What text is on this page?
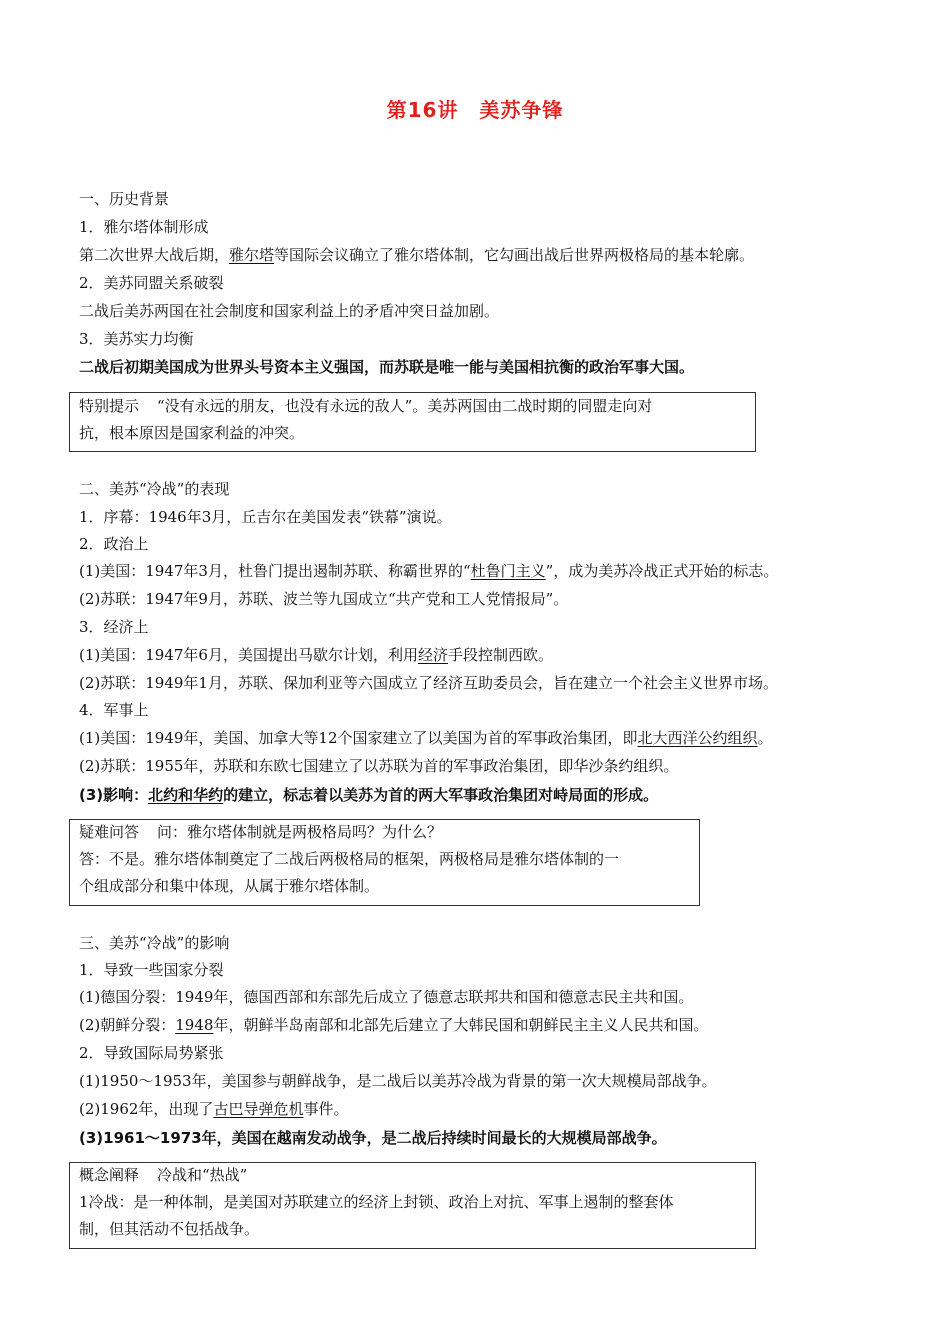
第16讲　美苏争锋
一、历史背景
1．雅尔塔体制形成
第二次世界大战后期，雅尔塔等国际会议确立了雅尔塔体制，它勾画出战后世界两极格局的基本轮廓。
2．美苏同盟关系破裂
二战后美苏两国在社会制度和国家利益上的矛盾冲突日益加剧。
3．美苏实力均衡
二战后初期美国成为世界头号资本主义强国，而苏联是唯一能与美国相抗衡的政治军事大国。
特别提示 “没有永远的朋友，也没有永远的敌人”。美苏两国由二战时期的同盟走向对
抗，根本原因是国家利益的冲突。
二、美苏“冷战”的表现
1．序幕：1946年3月，丘吉尔在美国发表“铁幕”演说。
2．政治上
(1)美国：1947年3月，杜鲁门提出遏制苏联、称霸世界的“杜鲁门主义”，成为美苏冷战正式开始的标志。
(2)苏联：1947年9月，苏联、波兰等九国成立“共产党和工人党情报局”。
3．经济上
(1)美国：1947年6月，美国提出马歇尔计划，利用经济手段控制西欧。
(2)苏联：1949年1月，苏联、保加利亚等六国成立了经济互助委员会，旨在建立一个社会主义世界市场。
4．军事上
(1)美国：1949年，美国、加拿大等12个国家建立了以美国为首的军事政治集团，即北大西洋公约组织。
(2)苏联：1955年，苏联和东欧七国建立了以苏联为首的军事政治集团，即华沙条约组织。
(3)影响：北约和华约的建立，标志着以美苏为首的两大军事政治集团对峙局面的形成。
疑难问答 问：雅尔塔体制就是两极格局吗？为什么？
答：不是。雅尔塔体制奠定了二战后两极格局的框架，两极格局是雅尔塔体制的一
个组成部分和集中体现，从属于雅尔塔体制。
三、美苏“冷战”的影响
1．导致一些国家分裂
(1)德国分裂：1949年，德国西部和东部先后成立了德意志联邦共和国和德意志民主共和国。
(2)朝鲜分裂：1948年，朝鲜半岛南部和北部先后建立了大韩民国和朝鲜民主主义人民共和国。
2．导致国际局势紧张
(1)1950～1953年，美国参与朝鲜战争，是二战后以美苏冷战为背景的第一次大规模局部战争。
(2)1962年，出现了古巴导弹危机事件。
(3)1961～1973年，美国在越南发动战争，是二战后持续时间最长的大规模局部战争。
概念阐释 冷战和“热战”
1冷战：是一种体制，是美国对苏联建立的经济上封锁、政治上对抗、军事上遏制的整套体
制，但其活动不包括战争。
